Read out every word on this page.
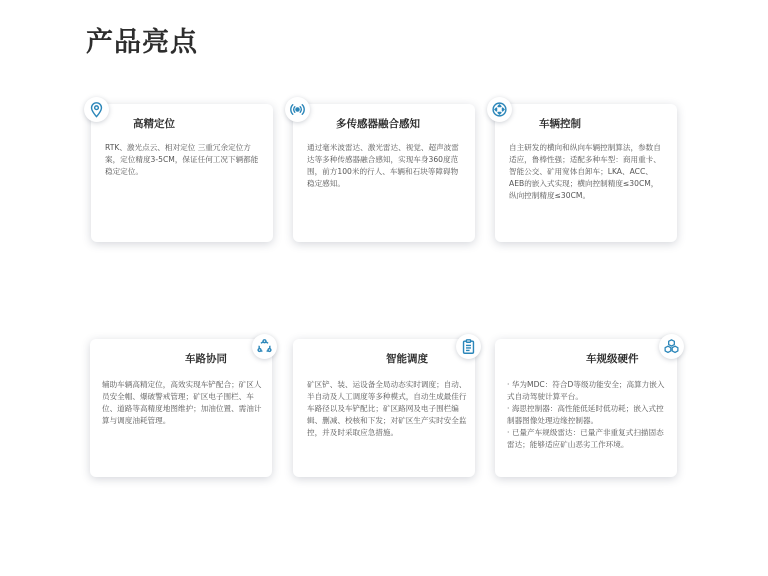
产品亮点
高精定位

RTK、激光点云、相对定位 三重冗余定位方案，定位精度3-5CM，保证任何工况下辆都能稳定定位。

多传感器融合感知

通过毫米波雷达、激光雷达、视觉、超声波雷达等多种传感器融合感知，实现车身360度范围，前方100米的行人、车辆和石块等障碍物稳定感知。

车辆控制

自主研发的横向和纵向车辆控制算法，参数自适应，鲁棒性强；适配多种车型：商用重卡、智能公交、矿用宽体自卸车；LKA、ACC、AEB的嵌入式实现；横向控制精度≤30CM，纵向控制精度≤30CM。

车路协同

辅助车辆高精定位，高效实现车铲配合；矿区人员安全帽、爆破警戒管理；矿区电子围栏、车位、道路等高精度地图维护；加油位置、需油计算与调度油耗管理。

智能调度

矿区铲、装、运设备全局动态实时调度；自动、半自动及人工调度等多种模式，自动生成最佳行车路径以及车铲配比；矿区路网及电子围栏编辑、删减、校核和下发；对矿区生产实时安全监控，并及时采取应急措施。

车规级硬件

· 华为MDC：符合D等级功能安全；高算力嵌入式自动驾驶计算平台。
· 海思控制器：高性能低延时低功耗；嵌入式控制器图像处理边缘控制器。
· 已量产车规级雷达：已量产非重复式扫描固态雷达；能够适应矿山恶劣工作环境。
